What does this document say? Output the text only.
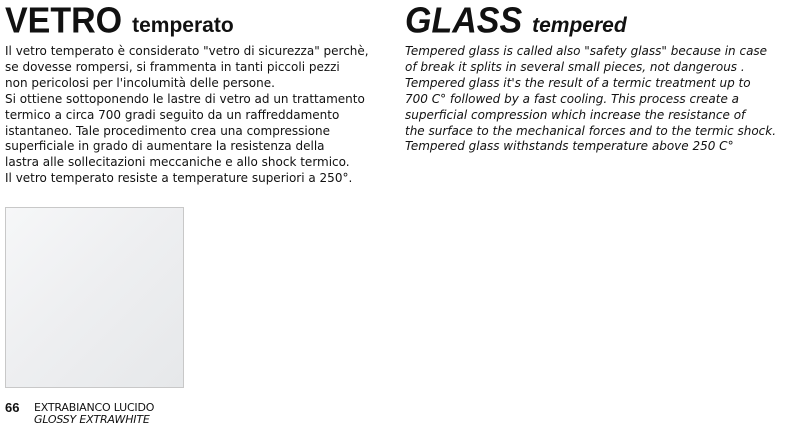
VETRO temperato	GLASS tempered
Il vetro temperato è considerato "vetro di sicurezza" perchè,
se dovesse rompersi, si frammenta in tanti piccoli pezzi
non pericolosi per l'incolumità delle persone.
Si ottiene sottoponendo le lastre di vetro ad un trattamento
termico a circa 700 gradi seguito da un raffreddamento
istantaneo. Tale procedimento crea una compressione
superficiale in grado di aumentare la resistenza della
lastra alle sollecitazioni meccaniche e allo shock termico.
Il vetro temperato resiste a temperature superiori a 250°.
Tempered glass is called also "safety glass" because in case
of break it splits in several small pieces, not dangerous .
Tempered glass it's the result of a termic treatment up to
700 C° followed by a fast cooling. This process create a
superficial compression which increase the resistance of
the surface to the mechanical forces and to the termic shock.
Tempered glass withstands temperature above 250 C°
66 EXTRABIANCO LUCIDO
GLOSSY EXTRAWHITE
